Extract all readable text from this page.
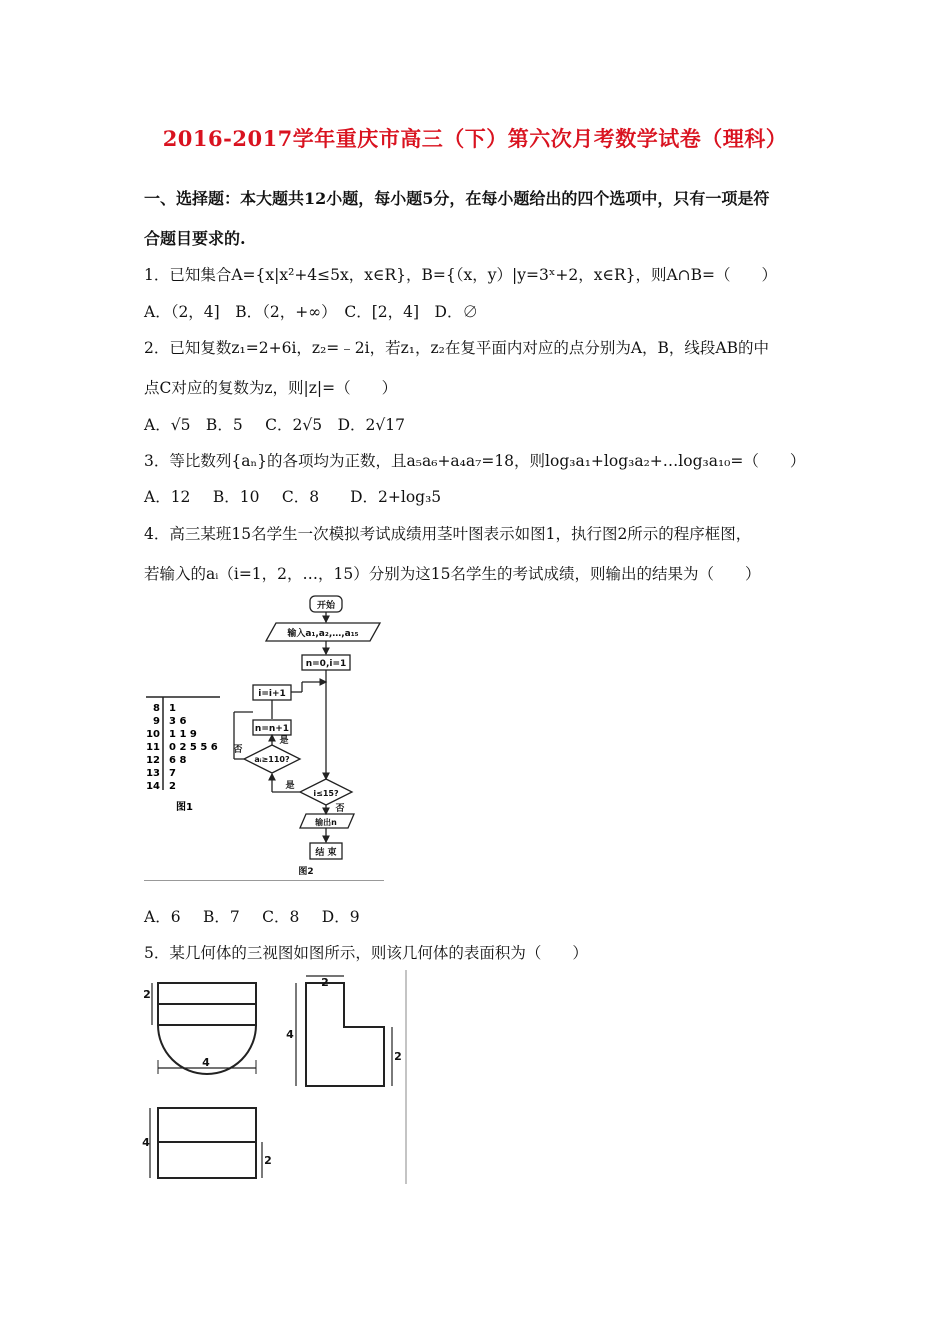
2016-2017学年重庆市高三（下）第六次月考数学试卷（理科）
一、选择题：本大题共12小题，每小题5分，在每小题给出的四个选项中，只有一项是符
合题目要求的.
1．已知集合A={x|x²+4≤5x，x∈R}，B={（x，y）|y=3ˣ+2，x∈R}，则A∩B=（　　）
A．（2，4]　B．（2，+∞）　C．[2，4]　D．∅
2．已知复数z₁=2+6i，z₂=﹣2i，若z₁，z₂在复平面内对应的点分别为A，B，线段AB的中
点C对应的复数为z，则|z|=（　　）
A．√5　B．5　 C．2√5　D．2√17
3．等比数列{aₙ}的各项均为正数，且a₅a₆+a₄a₇=18，则log₃a₁+log₃a₂+…log₃a₁₀=（　　）
A．12　 B．10　 C．8　　D．2+log₃5
4．高三某班15名学生一次模拟考试成绩用茎叶图表示如图1，执行图2所示的程序框图，
若输入的aᵢ（i=1，2，…，15）分别为这15名学生的考试成绩，则输出的结果为（　　）
8 1
9 3 6
10 1 1 9
11 0 2 5 5 6
12 6 8
13 7
14 2
图1
开始
输入a₁,a₂,…,a₁₅
n=0,i=1
i=i+1
n=n+1
是
aᵢ≥110?
否
是
i≤15?
否
输出n
结 束
图2
A．6　 B．7　 C．8　 D．9
5．某几何体的三视图如图所示，则该几何体的表面积为（　　）
2
4
2
4
2
4
2
